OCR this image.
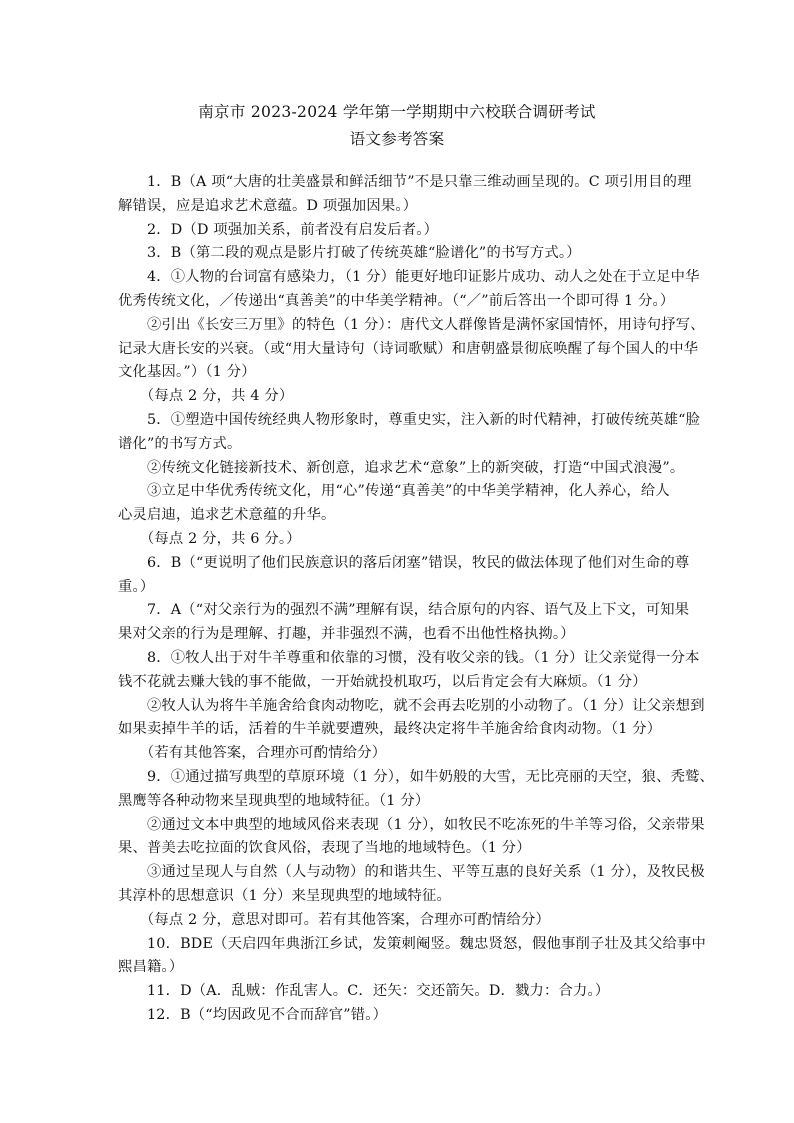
南京市 2023-2024 学年第一学期期中六校联合调研考试
语文参考答案
　　1．B（A 项“大唐的壮美盛景和鲜活细节”不是只靠三维动画呈现的。C 项引用目的理
解错误，应是追求艺术意蕴。D 项强加因果。）
　　2．D（D 项强加关系，前者没有启发后者。）
　　3．B（第二段的观点是影片打破了传统英雄“脸谱化”的书写方式。）
　　4．①人物的台词富有感染力，（1 分）能更好地印证影片成功、动人之处在于立足中华
优秀传统文化，／传递出“真善美”的中华美学精神。（“／”前后答出一个即可得 1 分。）
　　②引出《长安三万里》的特色（1 分）：唐代文人群像皆是满怀家国情怀，用诗句抒写、
记录大唐长安的兴衰。（或“用大量诗句（诗词歌赋）和唐朝盛景彻底唤醒了每个国人的中华
文化基因。”）（1 分）
　　（每点 2 分，共 4 分）
　　5．①塑造中国传统经典人物形象时，尊重史实，注入新的时代精神，打破传统英雄“脸
谱化”的书写方式。
　　②传统文化链接新技术、新创意，追求艺术“意象”上的新突破，打造“中国式浪漫”。
　　③立足中华优秀传统文化，用“心”传递“真善美”的中华美学精神，化人养心，给人
心灵启迪，追求艺术意蕴的升华。
　　（每点 2 分，共 6 分。）
　　6．B（“更说明了他们民族意识的落后闭塞”错误，牧民的做法体现了他们对生命的尊
重。）
　　7．A（“对父亲行为的强烈不满”理解有误，结合原句的内容、语气及上下文，可知果
果对父亲的行为是理解、打趣，并非强烈不满，也看不出他性格执拗。）
　　8．①牧人出于对牛羊尊重和依靠的习惯，没有收父亲的钱。（1 分）让父亲觉得一分本
钱不花就去赚大钱的事不能做，一开始就投机取巧，以后肯定会有大麻烦。（1 分）
　　②牧人认为将牛羊施舍给食肉动物吃，就不会再去吃别的小动物了。（1 分）让父亲想到
如果卖掉牛羊的话，活着的牛羊就要遭殃，最终决定将牛羊施舍给食肉动物。（1 分）
　　（若有其他答案，合理亦可酌情给分）
　　9．①通过描写典型的草原环境（1 分），如牛奶般的大雪，无比亮丽的天空，狼、秃鹫、
黑鹰等各种动物来呈现典型的地域特征。（1 分）
　　②通过文本中典型的地域风俗来表现（1 分），如牧民不吃冻死的牛羊等习俗，父亲带果
果、普美去吃拉面的饮食风俗，表现了当地的地域特色。（1 分）
　　③通过呈现人与自然（人与动物）的和谐共生、平等互惠的良好关系（1 分），及牧民极
其淳朴的思想意识（1 分）来呈现典型的地域特征。
　　（每点 2 分，意思对即可。若有其他答案，合理亦可酌情给分）
　　10．BDE（天启四年典浙江乡试，发策刺阉竖。魏忠贤怒，假他事削子壮及其父给事中
熙昌籍。）
　　11．D（A．乱贼：作乱害人。C．还矢：交还箭矢。D．戮力：合力。）
　　12．B（“均因政见不合而辞官”错。）
